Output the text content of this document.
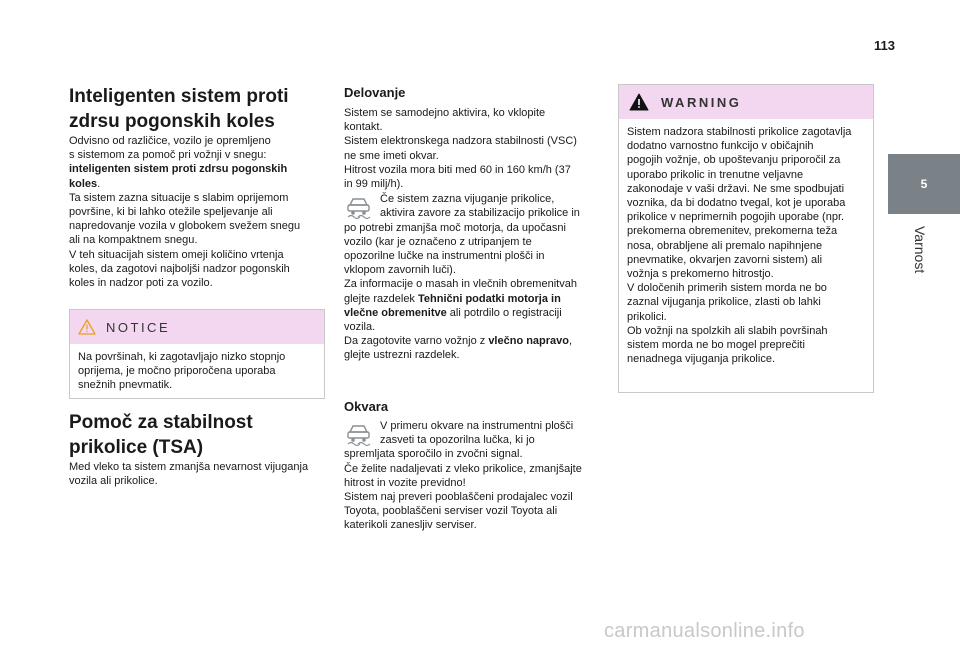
113
5
Varnost
Inteligenten sistem proti
zdrsu pogonskih koles

Odvisno od različice, vozilo je opremljeno
s sistemom za pomoč pri vožnji v snegu:
inteligenten sistem proti zdrsu pogonskih
koles.
Ta sistem zazna situacije s slabim oprijemom
površine, ki bi lahko otežile speljevanje ali
napredovanje vozila v globokem svežem snegu
ali na kompaktnem snegu.
V teh situacijah sistem omeji količino vrtenja
koles, da zagotovi najboljši nadzor pogonskih
koles in nadzor poti za vozilo.

NOTICE

Na površinah, ki zagotavljajo nizko stopnjo
oprijema, je močno priporočena uporaba
snežnih pnevmatik.

Pomoč za stabilnost
prikolice (TSA)

Med vleko ta sistem zmanjša nevarnost vijuganja
vozila ali prikolice.

Delovanje

Sistem se samodejno aktivira, ko vklopite
kontakt.
Sistem elektronskega nadzora stabilnosti (VSC)
ne sme imeti okvar.
Hitrost vozila mora biti med 60 in 160 km/h (37
in 99 milj/h).

Če sistem zazna vijuganje prikolice,
aktivira zavore za stabilizacijo prikolice in

po potrebi zmanjša moč motorja, da upočasni
vozilo (kar je označeno z utripanjem te
opozorilne lučke na instrumentni plošči in
vklopom zavornih luči).
Za informacije o masah in vlečnih obremenitvah
glejte razdelek Tehnični podatki motorja in
vlečne obremenitve ali potrdilo o registraciji
vozila.
Da zagotovite varno vožnjo z vlečno napravo,
glejte ustrezni razdelek.

Okvara

V primeru okvare na instrumentni plošči
zasveti ta opozorilna lučka, ki jo

spremljata sporočilo in zvočni signal.
Če želite nadaljevati z vleko prikolice, zmanjšajte
hitrost in vozite previdno!
Sistem naj preveri pooblaščeni prodajalec vozil
Toyota, pooblaščeni serviser vozil Toyota ali
katerikoli zanesljiv serviser.

WARNING

Sistem nadzora stabilnosti prikolice zagotavlja
dodatno varnostno funkcijo v običajnih
pogojih vožnje, ob upoštevanju priporočil za
uporabo prikolic in trenutne veljavne
zakonodaje v vaši državi. Ne sme spodbujati
voznika, da bi dodatno tvegal, kot je uporaba
prikolice v neprimernih pogojih uporabe (npr.
prekomerna obremenitev, prekomerna teža
nosa, obrabljene ali premalo napihnjene
pnevmatike, okvarjen zavorni sistem) ali
vožnja s prekomerno hitrostjo.
V določenih primerih sistem morda ne bo
zaznal vijuganja prikolice, zlasti ob lahki
prikolici.
Ob vožnji na spolzkih ali slabih površinah
sistem morda ne bo mogel preprečiti
nenadnega vijuganja prikolice.

carmanualsonline.info
